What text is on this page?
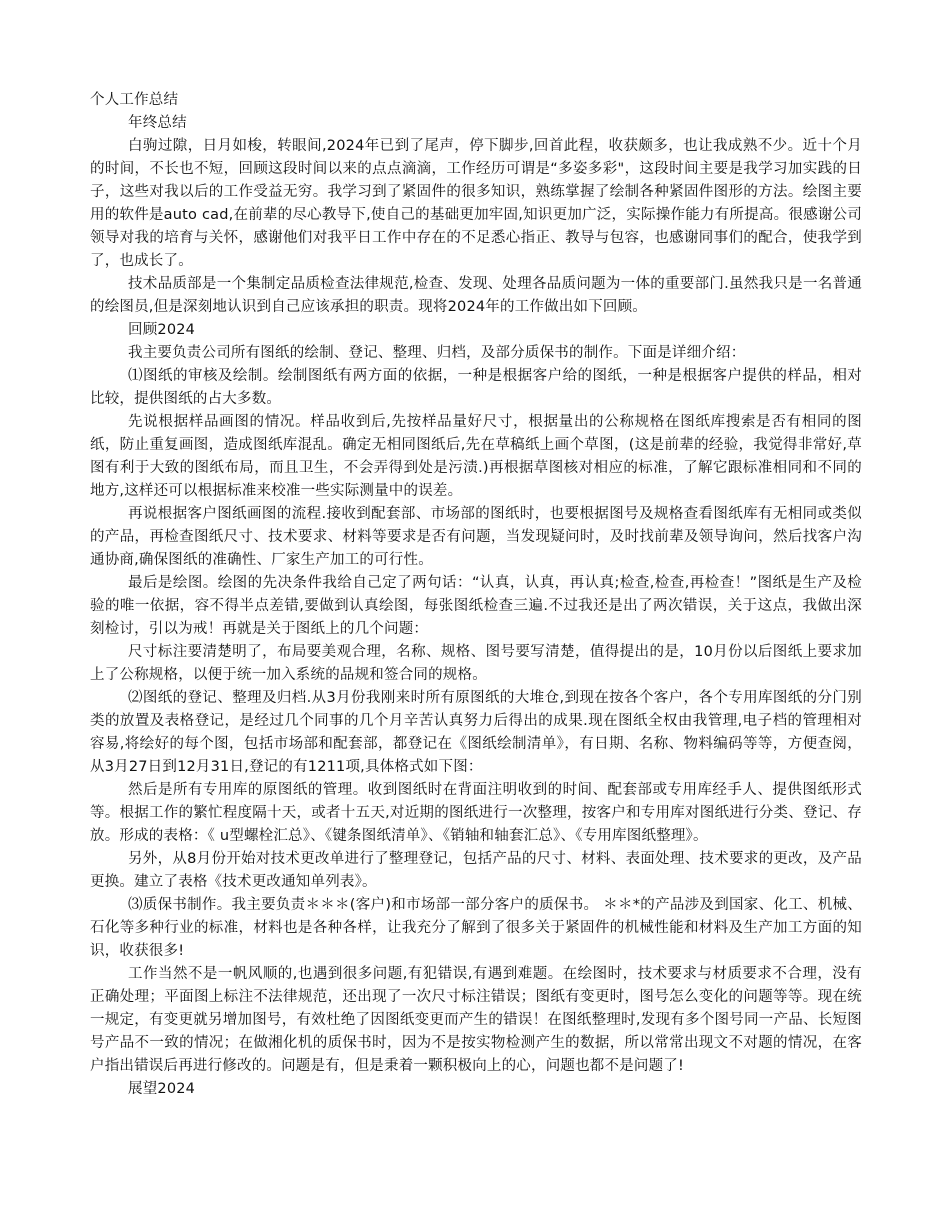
个人工作总结

年终总结

白驹过隙，日月如梭，转眼间,2024年已到了尾声，停下脚步,回首此程，收获颇多，也让我成熟不少。近十个月的时间，不长也不短，回顾这段时间以来的点点滴滴，工作经历可谓是“多姿多彩"，这段时间主要是我学习加实践的日子，这些对我以后的工作受益无穷。我学习到了紧固件的很多知识，熟练掌握了绘制各种紧固件图形的方法。绘图主要用的软件是auto cad,在前辈的尽心教导下,使自己的基础更加牢固,知识更加广泛，实际操作能力有所提高。很感谢公司领导对我的培育与关怀，感谢他们对我平日工作中存在的不足悉心指正、教导与包容，也感谢同事们的配合，使我学到了，也成长了。

技术品质部是一个集制定品质检查法律规范,检查、发现、处理各品质问题为一体的重要部门.虽然我只是一名普通的绘图员,但是深刻地认识到自己应该承担的职责。现将2024年的工作做出如下回顾。

回顾2024

我主要负责公司所有图纸的绘制、登记、整理、归档，及部分质保书的制作。下面是详细介绍：

⑴图纸的审核及绘制。绘制图纸有两方面的依据，一种是根据客户给的图纸，一种是根据客户提供的样品，相对比较，提供图纸的占大多数。

先说根据样品画图的情况。样品收到后,先按样品量好尺寸，根据量出的公称规格在图纸库搜索是否有相同的图纸，防止重复画图，造成图纸库混乱。确定无相同图纸后,先在草稿纸上画个草图，(这是前辈的经验，我觉得非常好,草图有利于大致的图纸布局，而且卫生，不会弄得到处是污渍.)再根据草图核对相应的标准，了解它跟标准相同和不同的地方,这样还可以根据标准来校准一些实际测量中的误差。

再说根据客户图纸画图的流程.接收到配套部、市场部的图纸时，也要根据图号及规格查看图纸库有无相同或类似的产品，再检查图纸尺寸、技术要求、材料等要求是否有问题，当发现疑问时，及时找前辈及领导询问，然后找客户沟通协商,确保图纸的准确性、厂家生产加工的可行性。

最后是绘图。绘图的先决条件我给自己定了两句话：“认真，认真，再认真;检查,检查,再检查！”图纸是生产及检验的唯一依据，容不得半点差错,要做到认真绘图，每张图纸检查三遍.不过我还是出了两次错误，关于这点，我做出深刻检讨，引以为戒！再就是关于图纸上的几个问题：

尺寸标注要清楚明了，布局要美观合理，名称、规格、图号要写清楚，值得提出的是，10月份以后图纸上要求加上了公称规格，以便于统一加入系统的品规和签合同的规格。

⑵图纸的登记、整理及归档.从3月份我刚来时所有原图纸的大堆仓,到现在按各个客户，各个专用库图纸的分门别类的放置及表格登记，是经过几个同事的几个月辛苦认真努力后得出的成果.现在图纸全权由我管理,电子档的管理相对容易,将绘好的每个图，包括市场部和配套部，都登记在《图纸绘制清单》，有日期、名称、物料编码等等，方便查阅，从3月27日到12月31日,登记的有1211项,具体格式如下图：

然后是所有专用库的原图纸的管理。收到图纸时在背面注明收到的时间、配套部或专用库经手人、提供图纸形式等。根据工作的繁忙程度隔十天，或者十五天,对近期的图纸进行一次整理，按客户和专用库对图纸进行分类、登记、存放。形成的表格：《 u型螺栓汇总》、《键条图纸清单》、《销轴和轴套汇总》、《专用库图纸整理》。

另外，从8月份开始对技术更改单进行了整理登记，包括产品的尺寸、材料、表面处理、技术要求的更改，及产品更换。建立了表格《技术更改通知单列表》。

⑶质保书制作。我主要负责＊＊＊(客户)和市场部一部分客户的质保书。 ＊＊*的产品涉及到国家、化工、机械、石化等多种行业的标准，材料也是各种各样，让我充分了解到了很多关于紧固件的机械性能和材料及生产加工方面的知识，收获很多!

工作当然不是一帆风顺的,也遇到很多问题,有犯错误,有遇到难题。在绘图时，技术要求与材质要求不合理，没有正确处理；平面图上标注不法律规范，还出现了一次尺寸标注错误；图纸有变更时，图号怎么变化的问题等等。现在统一规定，有变更就另增加图号，有效杜绝了因图纸变更而产生的错误！在图纸整理时,发现有多个图号同一产品、长短图号产品不一致的情况；在做湘化机的质保书时，因为不是按实物检测产生的数据，所以常常出现文不对题的情况，在客户指出错误后再进行修改的。问题是有，但是秉着一颗积极向上的心，问题也都不是问题了!

展望2024
